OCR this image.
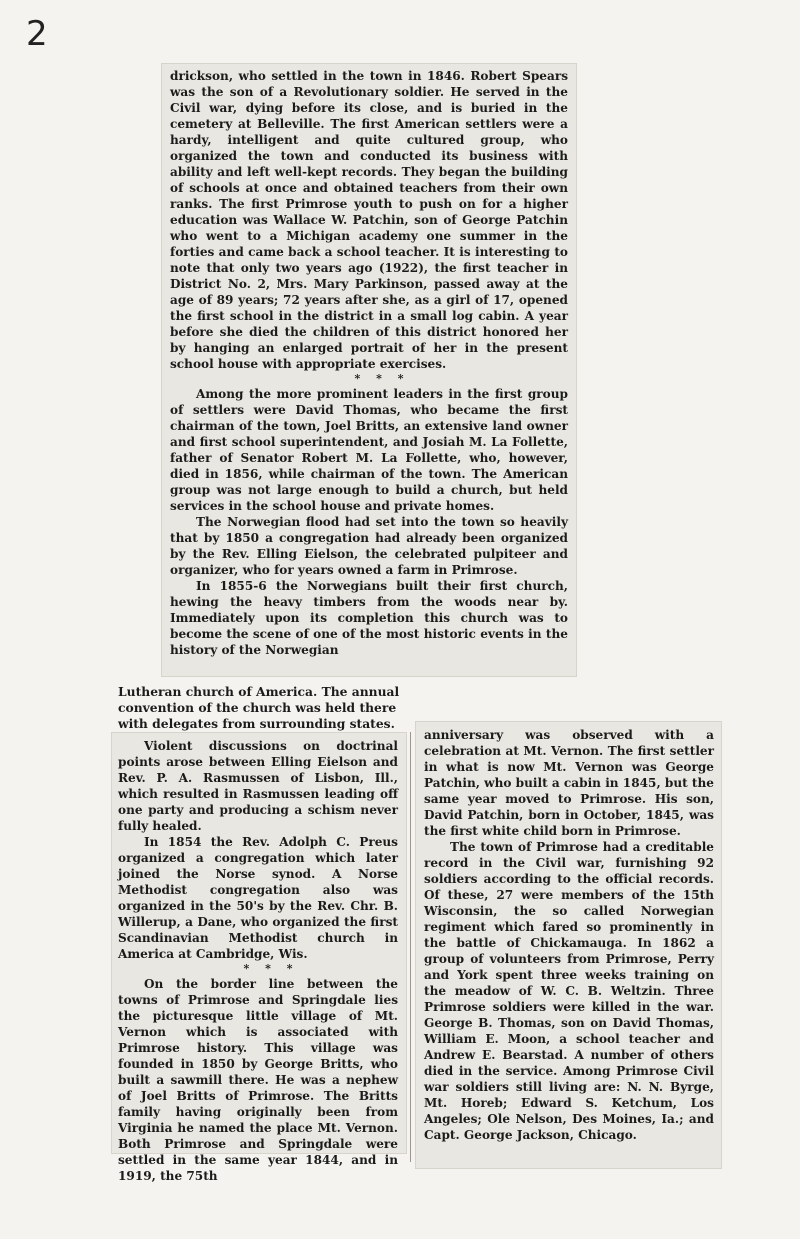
2

drickson, who settled in the town in 1846. Robert Spears was the son of a Revolutionary soldier. He served in the Civil war, dying before its close, and is buried in the cemetery at Belleville. The first American settlers were a hardy, intelligent and quite cultured group, who organized the town and conducted its business with ability and left well-kept records. They began the building of schools at once and obtained teachers from their own ranks. The first Primrose youth to push on for a higher education was Wallace W. Patchin, son of George Patchin who went to a Michigan academy one summer in the forties and came back a school teacher. It is interesting to note that only two years ago (1922), the first teacher in District No. 2, Mrs. Mary Parkinson, passed away at the age of 89 years; 72 years after she, as a girl of 17, opened the first school in the district in a small log cabin. A year before she died the children of this district honored her by hanging an enlarged portrait of her in the present school house with appropriate exercises.

* * *

Among the more prominent leaders in the first group of settlers were David Thomas, who became the first chairman of the town, Joel Britts, an extensive land owner and first school superintendent, and Josiah M. La Follette, father of Senator Robert M. La Follette, who, however, died in 1856, while chairman of the town. The American group was not large enough to build a church, but held services in the school house and private homes.

The Norwegian flood had set into the town so heavily that by 1850 a congregation had already been organized by the Rev. Elling Eielson, the celebrated pulpiteer and organizer, who for years owned a farm in Primrose.

In 1855-6 the Norwegians built their first church, hewing the heavy timbers from the woods near by. Immediately upon its completion this church was to become the scene of one of the most historic events in the history of the Norwegian

Lutheran church of America. The annual convention of the church was held there with delegates from surrounding states.

Violent discussions on doctrinal points arose between Elling Eielson and Rev. P. A. Rasmussen of Lisbon, Ill., which resulted in Rasmussen leading off one party and producing a schism never fully healed.

In 1854 the Rev. Adolph C. Preus organized a congregation which later joined the Norse synod. A Norse Methodist congregation also was organized in the 50's by the Rev. Chr. B. Willerup, a Dane, who organized the first Scandinavian Methodist church in America at Cambridge, Wis.

* * *

On the border line between the towns of Primrose and Springdale lies the picturesque little village of Mt. Vernon which is associated with Primrose history. This village was founded in 1850 by George Britts, who built a sawmill there. He was a nephew of Joel Britts of Primrose. The Britts family having originally been from Virginia he named the place Mt. Vernon. Both Primrose and Springdale were settled in the same year 1844, and in 1919, the 75th

anniversary was observed with a celebration at Mt. Vernon. The first settler in what is now Mt. Vernon was George Patchin, who built a cabin in 1845, but the same year moved to Primrose. His son, David Patchin, born in October, 1845, was the first white child born in Primrose.

The town of Primrose had a creditable record in the Civil war, furnishing 92 soldiers according to the official records. Of these, 27 were members of the 15th Wisconsin, the so called Norwegian regiment which fared so prominently in the battle of Chickamauga. In 1862 a group of volunteers from Primrose, Perry and York spent three weeks training on the meadow of W. C. B. Weltzin. Three Primrose soldiers were killed in the war. George B. Thomas, son on David Thomas, William E. Moon, a school teacher and Andrew E. Bearstad. A number of others died in the service. Among Primrose Civil war soldiers still living are: N. N. Byrge, Mt. Horeb; Edward S. Ketchum, Los Angeles; Ole Nelson, Des Moines, Ia.; and Capt. George Jackson, Chicago.
